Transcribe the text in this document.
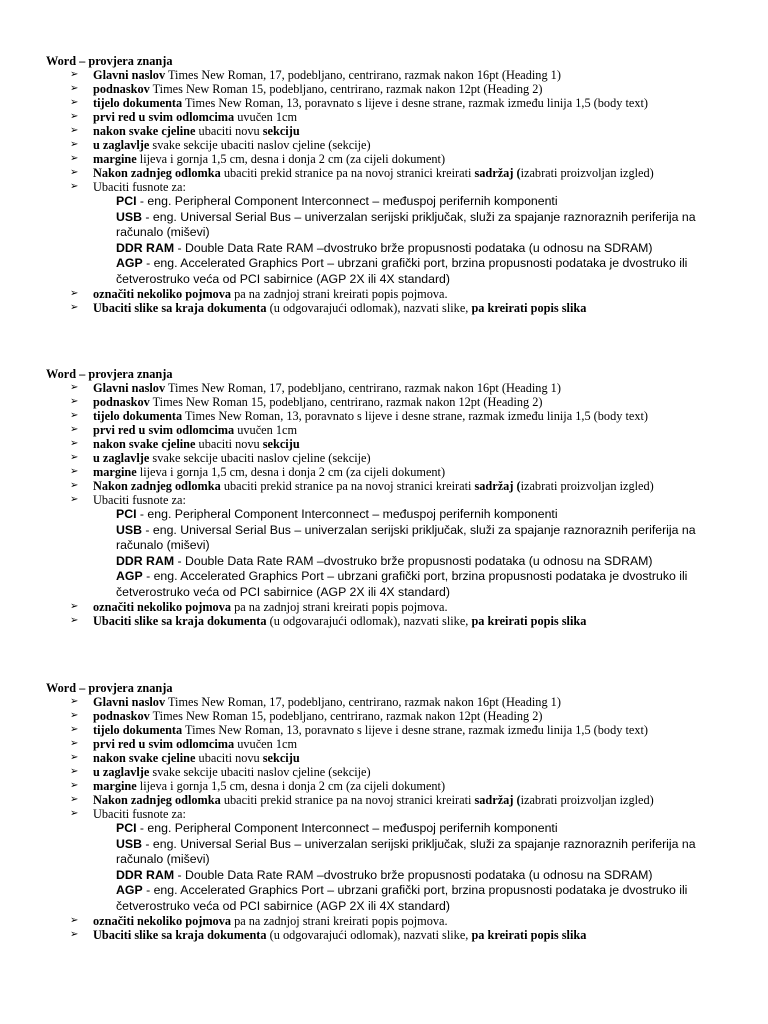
Word – provjera znanja
➢ Glavni naslov Times New Roman, 17, podebljano, centrirano, razmak nakon 16pt (Heading 1)
➢ podnaskov Times New Roman 15, podebljano, centrirano, razmak nakon 12pt (Heading 2)
➢ tijelo dokumenta Times New Roman, 13, poravnato s lijeve i desne strane, razmak između linija 1,5 (body text)
➢ prvi red u svim odlomcima uvučen 1cm
➢ nakon svake cjeline ubaciti novu sekciju
➢ u zaglavlje svake sekcije ubaciti naslov cjeline (sekcije)
➢ margine lijeva i gornja 1,5 cm, desna i donja 2 cm (za cijeli dokument)
➢ Nakon zadnjeg odlomka ubaciti prekid stranice pa na novoj stranici kreirati sadržaj (izabrati proizvoljan izgled)
➢ Ubaciti fusnote za:
PCI - eng. Peripheral Component Interconnect – međuspoj perifernih komponenti
USB - eng. Universal Serial Bus – univerzalan serijski priključak, služi za spajanje raznoraznih periferija na računalo (miševi)
DDR RAM - Double Data Rate RAM –dvostruko brže propusnosti podataka (u odnosu na SDRAM)
AGP - eng. Accelerated Graphics Port – ubrzani grafički port, brzina propusnosti podataka je dvostruko ili četverostruko veća od PCI sabirnice (AGP 2X ili 4X standard)
➢ označiti nekoliko pojmova pa na zadnjoj strani kreirati popis pojmova.
➢ Ubaciti slike sa kraja dokumenta (u odgovarajući odlomak), nazvati slike, pa kreirati popis slika
Word – provjera znanja
➢ Glavni naslov Times New Roman, 17, podebljano, centrirano, razmak nakon 16pt (Heading 1)
➢ podnaskov Times New Roman 15, podebljano, centrirano, razmak nakon 12pt (Heading 2)
➢ tijelo dokumenta Times New Roman, 13, poravnato s lijeve i desne strane, razmak između linija 1,5 (body text)
➢ prvi red u svim odlomcima uvučen 1cm
➢ nakon svake cjeline ubaciti novu sekciju
➢ u zaglavlje svake sekcije ubaciti naslov cjeline (sekcije)
➢ margine lijeva i gornja 1,5 cm, desna i donja 2 cm (za cijeli dokument)
➢ Nakon zadnjeg odlomka ubaciti prekid stranice pa na novoj stranici kreirati sadržaj (izabrati proizvoljan izgled)
➢ Ubaciti fusnote za:
PCI - eng. Peripheral Component Interconnect – međuspoj perifernih komponenti
USB - eng. Universal Serial Bus – univerzalan serijski priključak, služi za spajanje raznoraznih periferija na računalo (miševi)
DDR RAM - Double Data Rate RAM –dvostruko brže propusnosti podataka (u odnosu na SDRAM)
AGP - eng. Accelerated Graphics Port – ubrzani grafički port, brzina propusnosti podataka je dvostruko ili četverostruko veća od PCI sabirnice (AGP 2X ili 4X standard)
➢ označiti nekoliko pojmova pa na zadnjoj strani kreirati popis pojmova.
➢ Ubaciti slike sa kraja dokumenta (u odgovarajući odlomak), nazvati slike, pa kreirati popis slika
Word – provjera znanja
➢ Glavni naslov Times New Roman, 17, podebljano, centrirano, razmak nakon 16pt (Heading 1)
➢ podnaskov Times New Roman 15, podebljano, centrirano, razmak nakon 12pt (Heading 2)
➢ tijelo dokumenta Times New Roman, 13, poravnato s lijeve i desne strane, razmak između linija 1,5 (body text)
➢ prvi red u svim odlomcima uvučen 1cm
➢ nakon svake cjeline ubaciti novu sekciju
➢ u zaglavlje svake sekcije ubaciti naslov cjeline (sekcije)
➢ margine lijeva i gornja 1,5 cm, desna i donja 2 cm (za cijeli dokument)
➢ Nakon zadnjeg odlomka ubaciti prekid stranice pa na novoj stranici kreirati sadržaj (izabrati proizvoljan izgled)
➢ Ubaciti fusnote za:
PCI - eng. Peripheral Component Interconnect – međuspoj perifernih komponenti
USB - eng. Universal Serial Bus – univerzalan serijski priključak, služi za spajanje raznoraznih periferija na računalo (miševi)
DDR RAM - Double Data Rate RAM –dvostruko brže propusnosti podataka (u odnosu na SDRAM)
AGP - eng. Accelerated Graphics Port – ubrzani grafički port, brzina propusnosti podataka je dvostruko ili četverostruko veća od PCI sabirnice (AGP 2X ili 4X standard)
➢ označiti nekoliko pojmova pa na zadnjoj strani kreirati popis pojmova.
➢ Ubaciti slike sa kraja dokumenta (u odgovarajući odlomak), nazvati slike, pa kreirati popis slika
